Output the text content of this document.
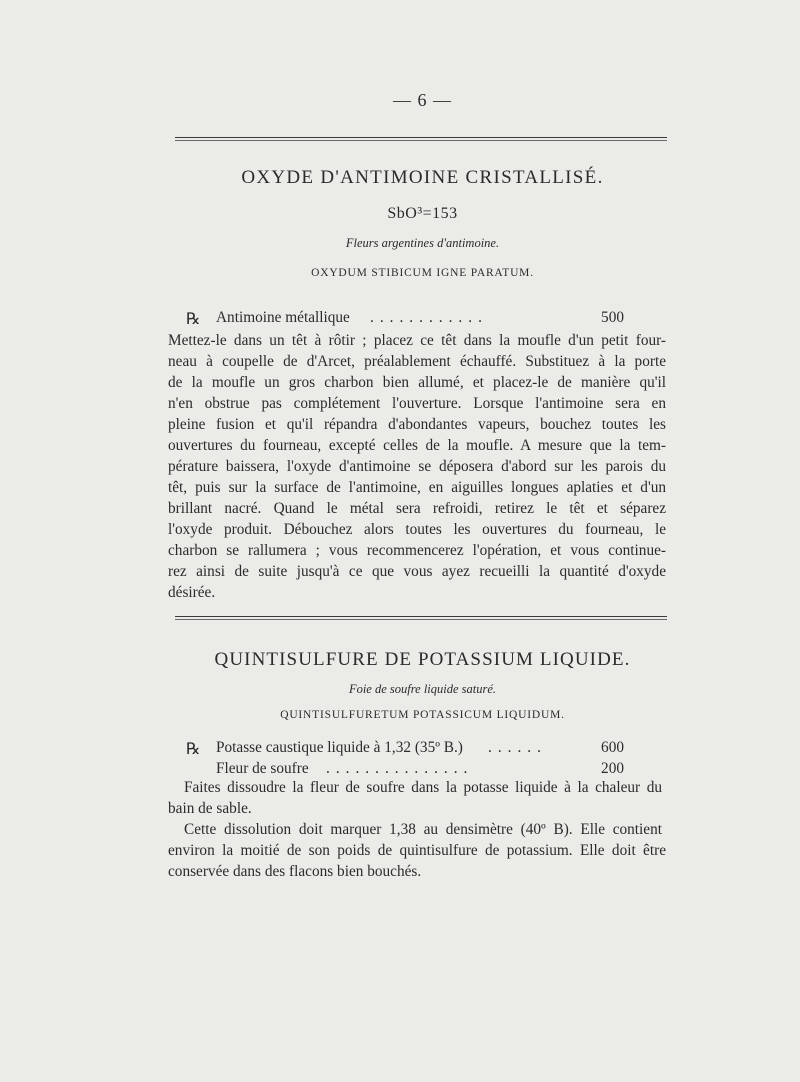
— 6 —
OXYDE D'ANTIMOINE CRISTALLISÉ.
SbO³=153
Fleurs argentines d'antimoine.
OXYDUM STIBICUM IGNE PARATUM.
℞ Antimoine métallique ............	500
Mettez-le dans un têt à rôtir ; placez ce têt dans la moufle d'un petit four-
neau à coupelle de d'Arcet, préalablement échauffé. Substituez à la porte
de la moufle un gros charbon bien allumé, et placez-le de manière qu'il
n'en obstrue pas complétement l'ouverture. Lorsque l'antimoine sera en
pleine fusion et qu'il répandra d'abondantes vapeurs, bouchez toutes les
ouvertures du fourneau, excepté celles de la moufle. A mesure que la tem-
pérature baissera, l'oxyde d'antimoine se déposera d'abord sur les parois du
têt, puis sur la surface de l'antimoine, en aiguilles longues aplaties et d'un
brillant nacré. Quand le métal sera refroidi, retirez le têt et séparez
l'oxyde produit. Débouchez alors toutes les ouvertures du fourneau, le
charbon se rallumera ; vous recommencerez l'opération, et vous continue-
rez ainsi de suite jusqu'à ce que vous ayez recueilli la quantité d'oxyde
désirée.
QUINTISULFURE DE POTASSIUM LIQUIDE.
Foie de soufre liquide saturé.
QUINTISULFURETUM POTASSICUM LIQUIDUM.
℞ Potasse caustique liquide à 1,32 (35º B.) ......	600
Fleur de soufre ...............	200
Faites dissoudre la fleur de soufre dans la potasse liquide à la chaleur du
bain de sable.
Cette dissolution doit marquer 1,38 au densimètre (40º B). Elle contient
environ la moitié de son poids de quintisulfure de potassium. Elle doit être
conservée dans des flacons bien bouchés.
